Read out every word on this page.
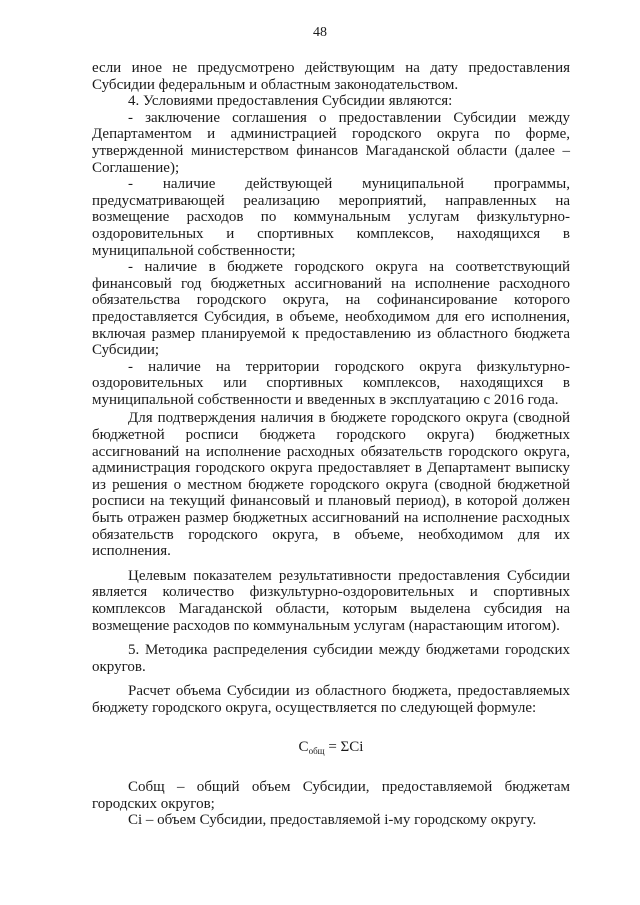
48

если иное не предусмотрено действующим на дату предоставления Субсидии федеральным и областным законодательством.

4. Условиями предоставления Субсидии являются:

- заключение соглашения о предоставлении Субсидии между Департаментом и администрацией городского округа по форме, утвержденной министерством финансов Магаданской области (далее – Соглашение);

- наличие действующей муниципальной программы, предусматривающей реализацию мероприятий, направленных на возмещение расходов по коммунальным услугам физкультурно-оздоровительных и спортивных комплексов, находящихся в муниципальной собственности;

- наличие в бюджете городского округа на соответствующий финансовый год бюджетных ассигнований на исполнение расходного обязательства городского округа, на софинансирование которого предоставляется Субсидия, в объеме, необходимом для его исполнения, включая размер планируемой к предоставлению из областного бюджета Субсидии;

- наличие на территории городского округа физкультурно-оздоровительных или спортивных комплексов, находящихся в муниципальной собственности и введенных в эксплуатацию с 2016 года.

Для подтверждения наличия в бюджете городского округа (сводной бюджетной росписи бюджета городского округа) бюджетных ассигнований на исполнение расходных обязательств городского округа, администрация городского округа предоставляет в Департамент выписку из решения о местном бюджете городского округа (сводной бюджетной росписи на текущий финансовый и плановый период), в которой должен быть отражен размер бюджетных ассигнований на исполнение расходных обязательств городского округа, в объеме, необходимом для их исполнения.

Целевым показателем результативности предоставления Субсидии является количество физкультурно-оздоровительных и спортивных комплексов Магаданской области, которым выделена субсидия на возмещение расходов по коммунальным услугам (нарастающим итогом).

5. Методика распределения субсидии между бюджетами городских округов.

Расчет объема Субсидии из областного бюджета, предоставляемых бюджету городского округа, осуществляется по следующей формуле:

$C_{общ} = \Sigma Ci$

Cобщ – общий объем Субсидии, предоставляемой бюджетам городских округов;

Ci – объем Субсидии, предоставляемой i-му городскому округу.
